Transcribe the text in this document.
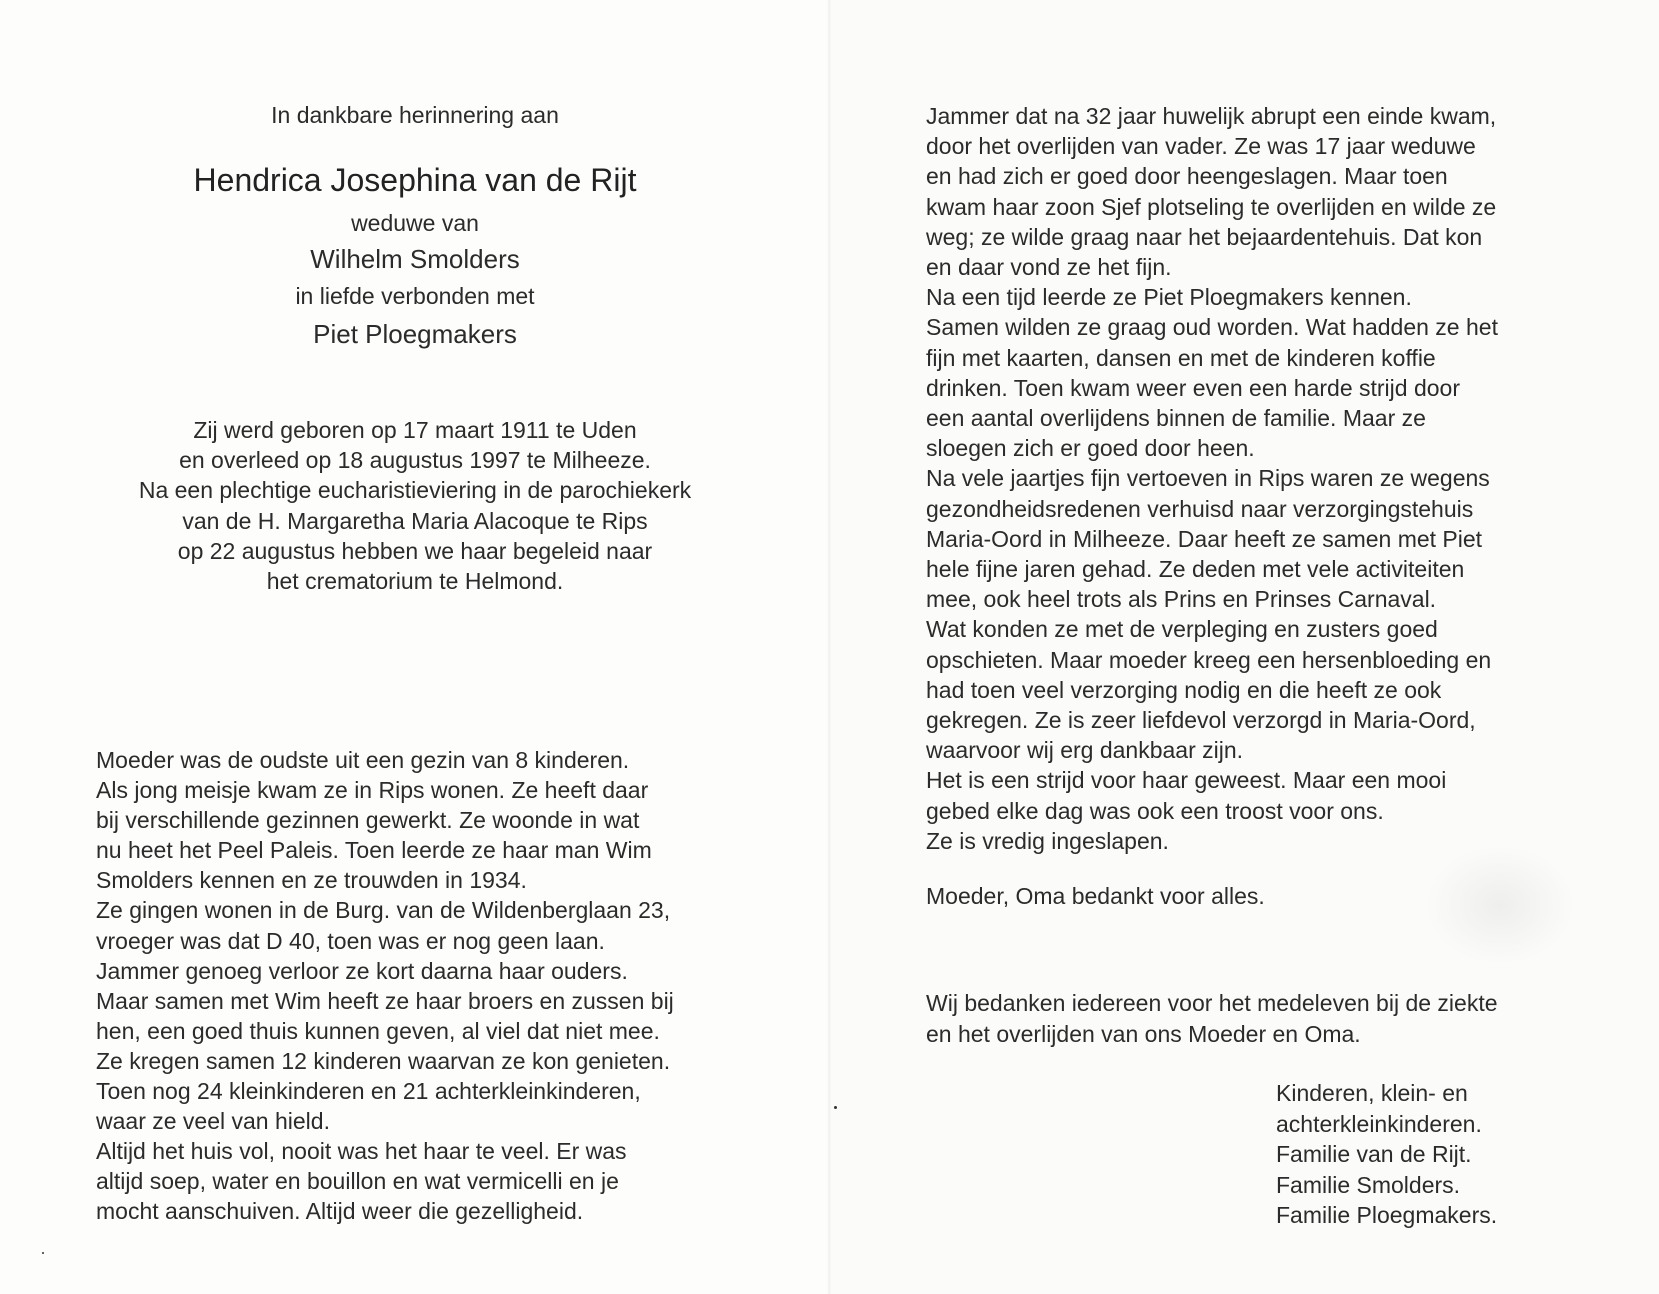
In dankbare herinnering aan
Hendrica Josephina van de Rijt
weduwe van
Wilhelm Smolders
in liefde verbonden met
Piet Ploegmakers
Zij werd geboren op 17 maart 1911 te Uden
en overleed op 18 augustus 1997 te Milheeze.
Na een plechtige eucharistieviering in de parochiekerk
van de H. Margaretha Maria Alacoque te Rips
op 22 augustus hebben we haar begeleid naar
het crematorium te Helmond.
Moeder was de oudste uit een gezin van 8 kinderen.
Als jong meisje kwam ze in Rips wonen. Ze heeft daar
bij verschillende gezinnen gewerkt. Ze woonde in wat
nu heet het Peel Paleis. Toen leerde ze haar man Wim
Smolders kennen en ze trouwden in 1934.
Ze gingen wonen in de Burg. van de Wildenberglaan 23,
vroeger was dat D 40, toen was er nog geen laan.
Jammer genoeg verloor ze kort daarna haar ouders.
Maar samen met Wim heeft ze haar broers en zussen bij
hen, een goed thuis kunnen geven, al viel dat niet mee.
Ze kregen samen 12 kinderen waarvan ze kon genieten.
Toen nog 24 kleinkinderen en 21 achterkleinkinderen,
waar ze veel van hield.
Altijd het huis vol, nooit was het haar te veel. Er was
altijd soep, water en bouillon en wat vermicelli en je
mocht aanschuiven. Altijd weer die gezelligheid.
Jammer dat na 32 jaar huwelijk abrupt een einde kwam,
door het overlijden van vader. Ze was 17 jaar weduwe
en had zich er goed door heengeslagen. Maar toen
kwam haar zoon Sjef plotseling te overlijden en wilde ze
weg; ze wilde graag naar het bejaardentehuis. Dat kon
en daar vond ze het fijn.
Na een tijd leerde ze Piet Ploegmakers kennen.
Samen wilden ze graag oud worden. Wat hadden ze het
fijn met kaarten, dansen en met de kinderen koffie
drinken. Toen kwam weer even een harde strijd door
een aantal overlijdens binnen de familie. Maar ze
sloegen zich er goed door heen.
Na vele jaartjes fijn vertoeven in Rips waren ze wegens
gezondheidsredenen verhuisd naar verzorgingstehuis
Maria-Oord in Milheeze. Daar heeft ze samen met Piet
hele fijne jaren gehad. Ze deden met vele activiteiten
mee, ook heel trots als Prins en Prinses Carnaval.
Wat konden ze met de verpleging en zusters goed
opschieten. Maar moeder kreeg een hersenbloeding en
had toen veel verzorging nodig en die heeft ze ook
gekregen. Ze is zeer liefdevol verzorgd in Maria-Oord,
waarvoor wij erg dankbaar zijn.
Het is een strijd voor haar geweest. Maar een mooi
gebed elke dag was ook een troost voor ons.
Ze is vredig ingeslapen.
Moeder, Oma bedankt voor alles.
Wij bedanken iedereen voor het medeleven bij de ziekte
en het overlijden van ons Moeder en Oma.
Kinderen, klein- en
achterkleinkinderen.
Familie van de Rijt.
Familie Smolders.
Familie Ploegmakers.
